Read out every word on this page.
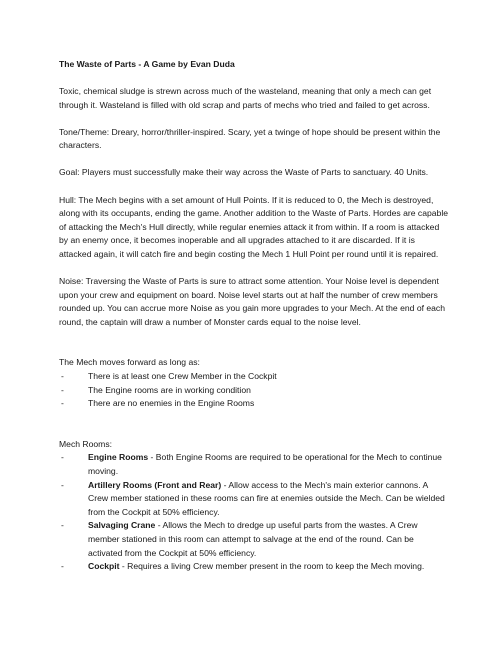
The Waste of Parts - A Game by Evan Duda

Toxic, chemical sludge is strewn across much of the wasteland, meaning that only a mech can get through it. Wasteland is filled with old scrap and parts of mechs who tried and failed to get across.

Tone/Theme: Dreary, horror/thriller-inspired. Scary, yet a twinge of hope should be present within the characters.

Goal: Players must successfully make their way across the Waste of Parts to sanctuary. 40 Units.

Hull: The Mech begins with a set amount of Hull Points. If it is reduced to 0, the Mech is destroyed, along with its occupants, ending the game. Another addition to the Waste of Parts. Hordes are capable of attacking the Mech's Hull directly, while regular enemies attack it from within. If a room is attacked by an enemy once, it becomes inoperable and all upgrades attached to it are discarded. If it is attacked again, it will catch fire and begin costing the Mech 1 Hull Point per round until it is repaired.

Noise: Traversing the Waste of Parts is sure to attract some attention. Your Noise level is dependent upon your crew and equipment on board. Noise level starts out at half the number of crew members rounded up. You can accrue more Noise as you gain more upgrades to your Mech. At the end of each round, the captain will draw a number of Monster cards equal to the noise level.

The Mech moves forward as long as:

-	There is at least one Crew Member in the Cockpit
-	The Engine rooms are in working condition
-	There are no enemies in the Engine Rooms

Mech Rooms:

-	Engine Rooms - Both Engine Rooms are required to be operational for the Mech to continue moving.
-	Artillery Rooms (Front and Rear) - Allow access to the Mech's main exterior cannons. A Crew member stationed in these rooms can fire at enemies outside the Mech. Can be wielded from the Cockpit at 50% efficiency.
-	Salvaging Crane - Allows the Mech to dredge up useful parts from the wastes. A Crew member stationed in this room can attempt to salvage at the end of the round. Can be activated from the Cockpit at 50% efficiency.
-	Cockpit - Requires a living Crew member present in the room to keep the Mech moving.
